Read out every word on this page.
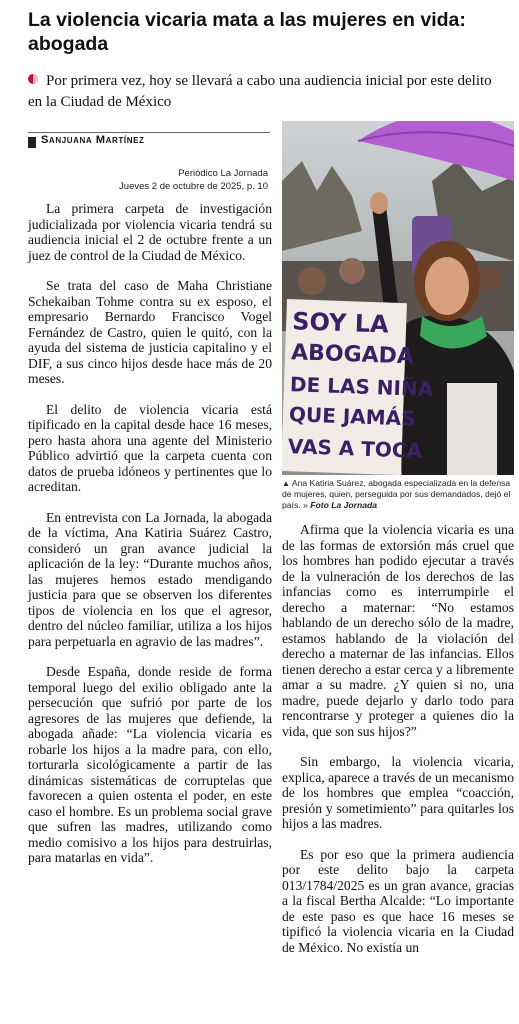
La violencia vicaria mata a las mujeres en vida: abogada

Por primera vez, hoy se llevará a cabo una audiencia inicial por este delito en la Ciudad de México

Sanjuana Martínez
Periódico La Jornada
Jueves 2 de octubre de 2025, p. 10

La primera carpeta de investigación judicializada por violencia vicaria tendrá su audiencia inicial el 2 de octubre frente a un juez de control de la Ciudad de México.

Se trata del caso de Maha Christiane Schekaiban Tohme contra su ex esposo, el empresario Bernardo Francisco Vogel Fernández de Castro, quien le quitó, con la ayuda del sistema de justicia capitalino y el DIF, a sus cinco hijos desde hace más de 20 meses.

El delito de violencia vicaria está tipificado en la capital desde hace 16 meses, pero hasta ahora una agente del Ministerio Público advirtió que la carpeta cuenta con datos de prueba idóneos y pertinentes que lo acreditan.

En entrevista con La Jornada, la abogada de la víctima, Ana Katiria Suárez Castro, consideró un gran avance judicial la aplicación de la ley: “Durante muchos años, las mujeres hemos estado mendigando justicia para que se observen los diferentes tipos de violencia en los que el agresor, dentro del núcleo familiar, utiliza a los hijos para perpetuarla en agravio de las madres”.

Desde España, donde reside de forma temporal luego del exilio obligado ante la persecución que sufrió por parte de los agresores de las mujeres que defiende, la abogada añade: “La violencia vicaria es robarle los hijos a la madre para, con ello, torturarla sicológicamente a partir de las dinámicas sistemáticas de corruptelas que favorecen a quien ostenta el poder, en este caso el hombre. Es un problema social grave que sufren las madres, utilizando como medio comisivo a los hijos para destruirlas, para matarlas en vida”.

SOY LA
ABOGADA
DE LAS NIÑA
QUE JAMÁS
VAS A TOCA
▲ Ana Katiria Suárez, abogada especializada en la defensa de mujeres, quien, perseguida por sus demandados, dejó el país. » Foto La Jornada

Afirma que la violencia vicaria es una de las formas de extorsión más cruel que los hombres han podido ejecutar a través de la vulneración de los derechos de las infancias como es interrumpirle el derecho a maternar: “No estamos hablando de un derecho sólo de la madre, estamos hablando de la violación del derecho a maternar de las infancias. Ellos tienen derecho a estar cerca y a libremente amar a su madre. ¿Y quien si no, una madre, puede dejarlo y darlo todo para rencontrarse y proteger a quienes dio la vida, que son sus hijos?”

Sin embargo, la violencia vicaria, explica, aparece a través de un mecanismo de los hombres que emplea “coacción, presión y sometimiento” para quitarles los hijos a las madres.

Es por eso que la primera audiencia por este delito bajo la carpeta 013/1784/2025 es un gran avance, gracias a la fiscal Bertha Alcalde: “Lo importante de este paso es que hace 16 meses se tipificó la violencia vicaria en la Ciudad de México. No existía un
